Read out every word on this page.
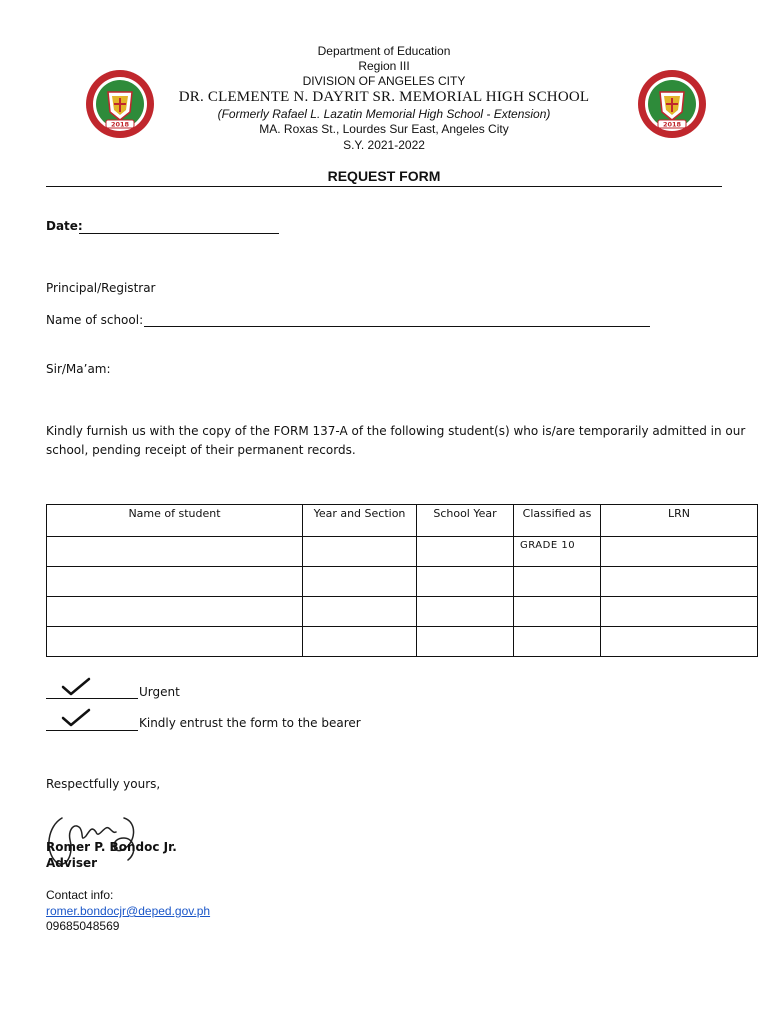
2018	2018
Department of Education
Region III
DIVISION OF ANGELES CITY
DR. CLEMENTE N. DAYRIT SR. MEMORIAL HIGH SCHOOL
(Formerly Rafael L. Lazatin Memorial High School - Extension)
MA. Roxas St., Lourdes Sur East, Angeles City
S.Y. 2021-2022
REQUEST FORM
Date:
Principal/Registrar
Name of school:
Sir/Ma’am:
Kindly furnish us with the copy of the FORM 137-A of the following student(s) who is/are temporarily admitted in our
school, pending receipt of their permanent records.
Name of student	Year and Section	School Year	Classified as	LRN

			GRADE 10	

Urgent
Kindly entrust the form to the bearer
Respectfully yours,
Romer P. Bondoc Jr.
Adviser
Contact info:
romer.bondocjr@deped.gov.ph
09685048569
